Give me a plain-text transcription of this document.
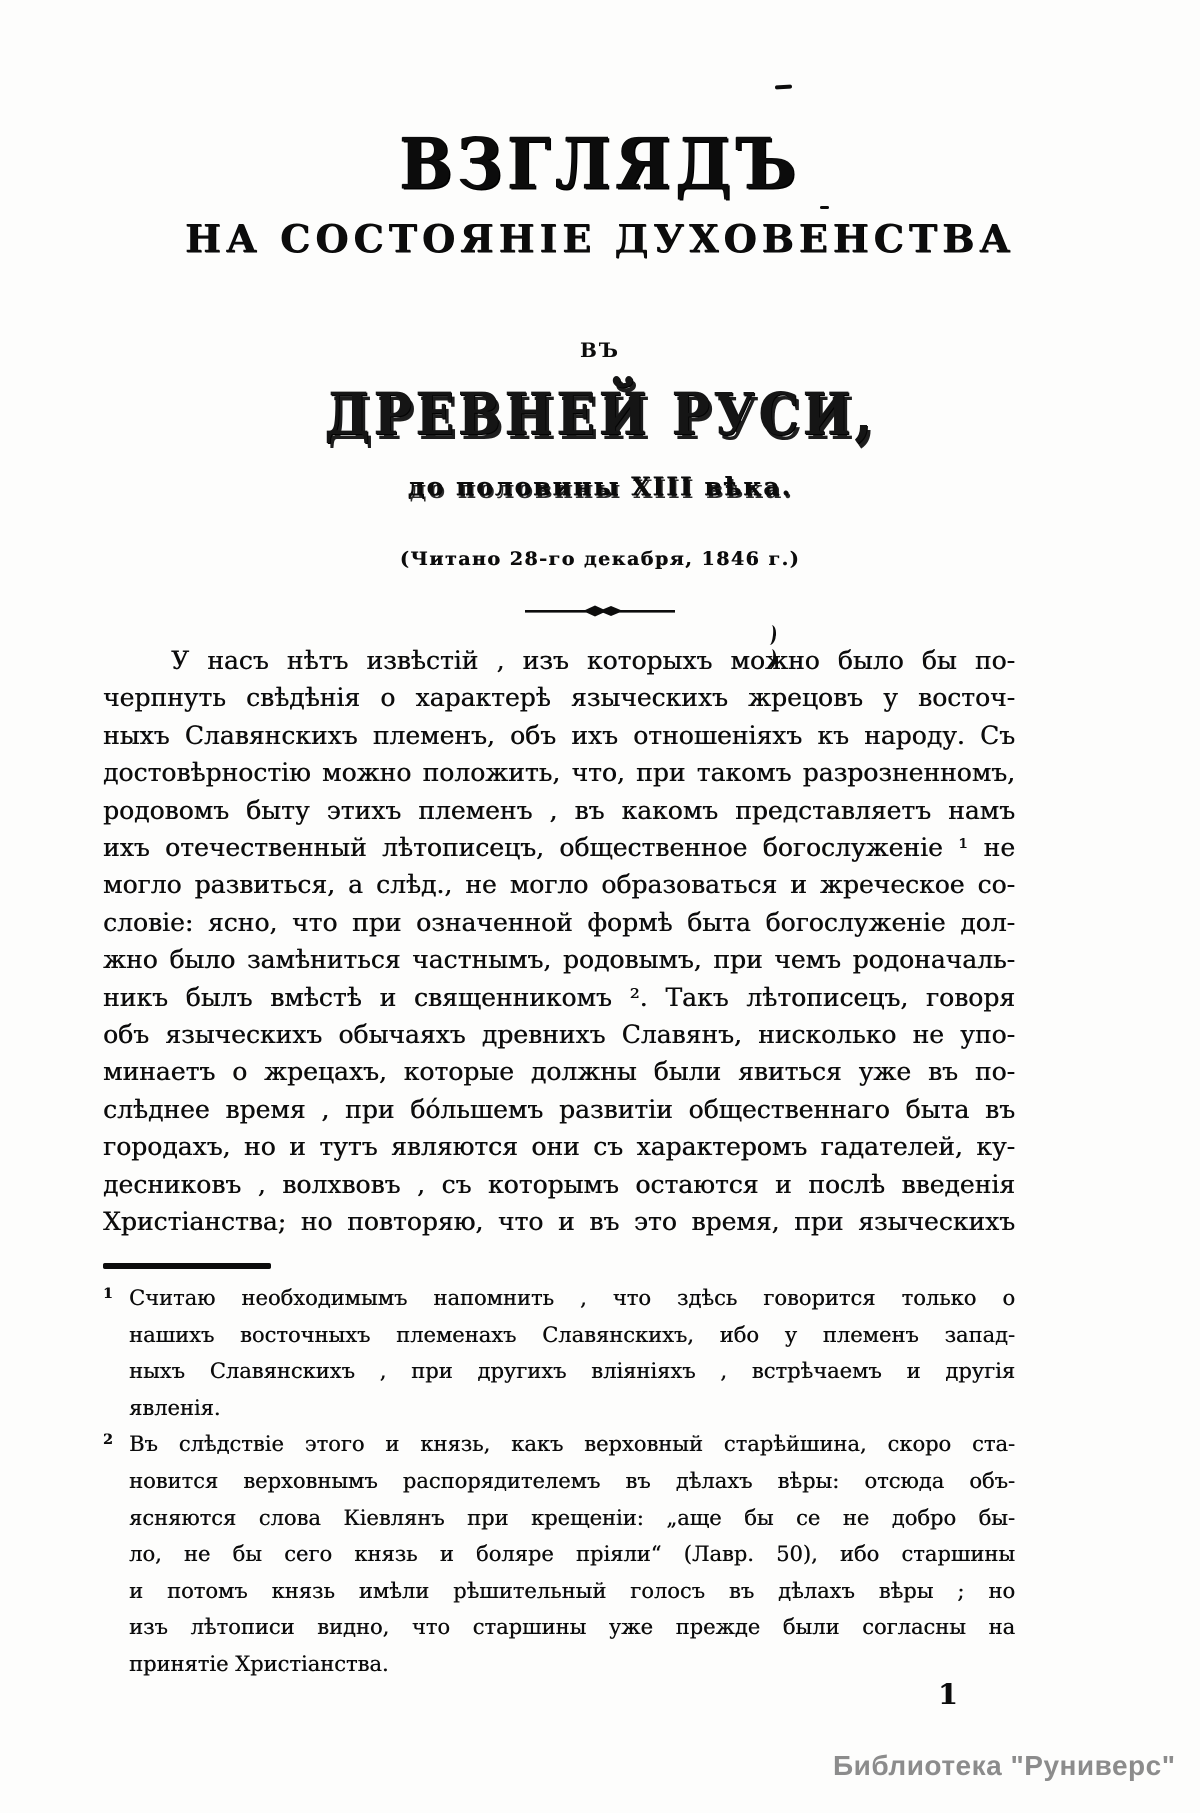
ВЗГЛЯДЪ
НА СОСТОЯНІЕ ДУХОВЕНСТВА
ВЪ
ДРЕВНЕЙ РУСИ,
до половины XIII вѣка.
(Читано 28-го декабря, 1846 г.)
У насъ нѣтъ извѣстій , изъ которыхъ можно было бы по-
черпнуть свѣдѣнія о характерѣ языческихъ жрецовъ у восточ-
ныхъ Славянскихъ племенъ, объ ихъ отношеніяхъ къ народу. Съ
достовѣрностію можно положить, что, при такомъ разрозненномъ,
родовомъ быту этихъ племенъ , въ какомъ представляетъ намъ
ихъ отечественный лѣтописецъ, общественное богослуженіе ¹ не
могло развиться, а слѣд., не могло образоваться и жреческое со-
словіе: ясно, что при означенной формѣ быта богослуженіе дол-
жно было замѣниться частнымъ, родовымъ, при чемъ родоначаль-
никъ былъ вмѣстѣ и священникомъ ². Такъ лѣтописецъ, говоря
объ языческихъ обычаяхъ древнихъ Славянъ, нисколько не упо-
минаетъ о жрецахъ, которые должны были явиться уже въ по-
слѣднее время , при бо́льшемъ развитіи общественнаго быта въ
городахъ, но и тутъ являются они съ характеромъ гадателей, ку-
десниковъ , волхвовъ , съ которымъ остаются и послѣ введенія
Христіанства; но повторяю, что и въ это время, при языческихъ
1 Считаю необходимымъ напомнить , что здѣсь говорится только о
нашихъ восточныхъ племенахъ Славянскихъ, ибо у племенъ запад-
ныхъ Славянскихъ , при другихъ вліяніяхъ , встрѣчаемъ и другія
явленія.
2 Въ слѣдствіе этого и князь, какъ верховный старѣйшина, скоро ста-
новится верховнымъ распорядителемъ въ дѣлахъ вѣры: отсюда объ-
ясняются слова Кіевлянъ при крещеніи: „аще бы се не добро бы-
ло, не бы сего князь и боляре пріяли“ (Лавр. 50), ибо старшины
и потомъ князь имѣли рѣшительный голосъ въ дѣлахъ вѣры ; но
изъ лѣтописи видно, что старшины уже прежде были согласны на
принятіе Христіанства.
1
Библиотека "Руниверс"
